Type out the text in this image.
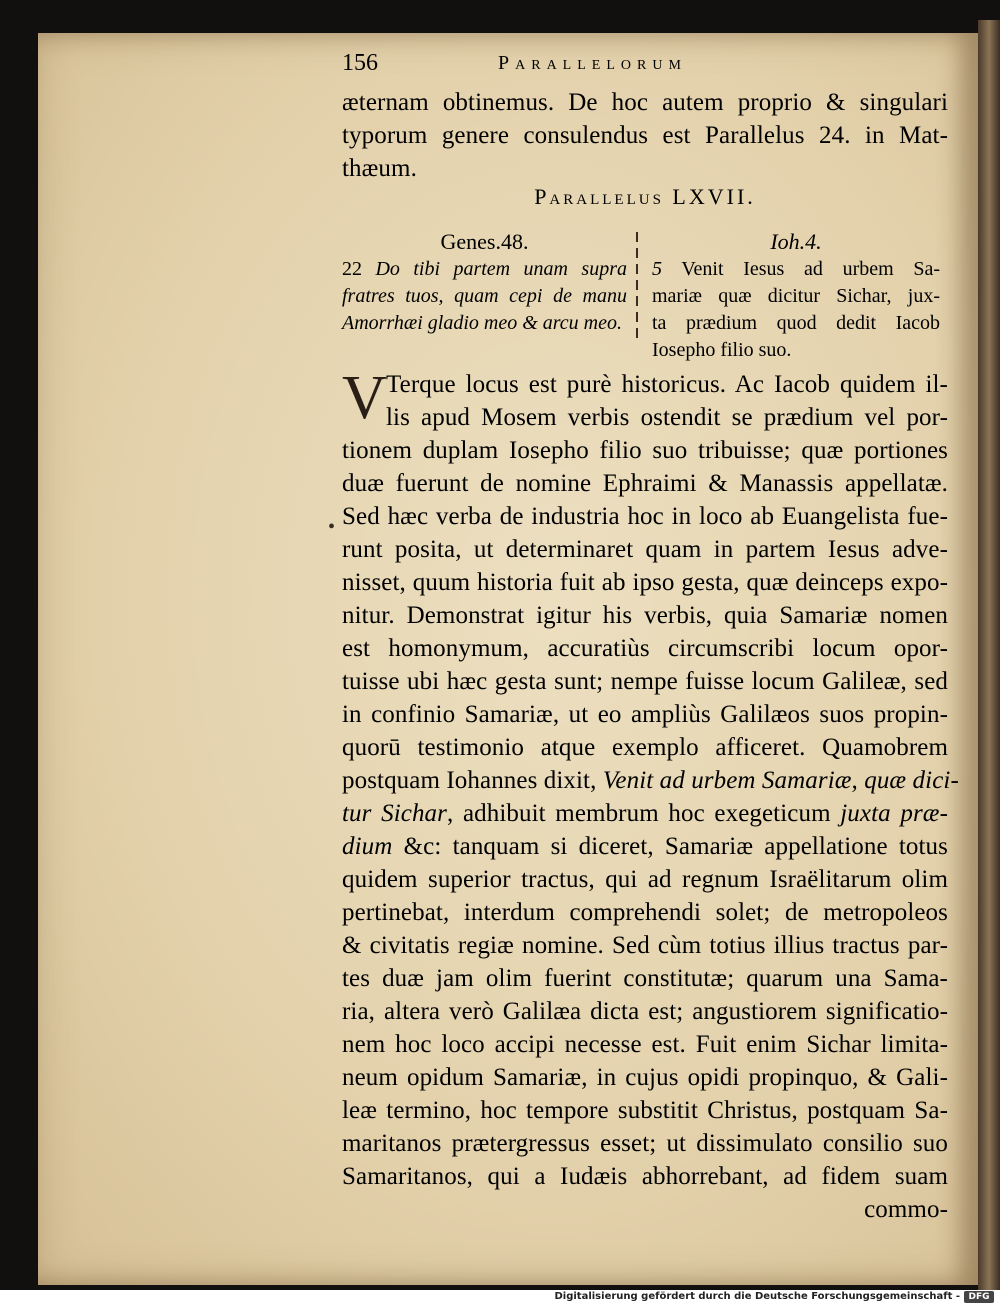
156	Parallelorum
æternam obtinemus. De hoc autem proprio & singulari
typorum genere consulendus est Parallelus 24. in Mat-
thæum.
Parallelus LXVII.
Genes.48.
22 Do tibi partem unam supra
fratres tuos, quam cepi de manu
Amorrhæi gladio meo & arcu meo.
Ioh.4.
5 Venit Iesus ad urbem Sa-
mariæ quæ dicitur Sichar, jux-
ta prædium quod dedit Iacob
Iosepho filio suo.
V
•
Terque locus est purè historicus. Ac Iacob quidem il-
lis apud Mosem verbis ostendit se prædium vel por-
tionem duplam Iosepho filio suo tribuisse; quæ portiones
duæ fuerunt de nomine Ephraimi & Manassis appellatæ.
Sed hæc verba de industria hoc in loco ab Euangelista fue-
runt posita, ut determinaret quam in partem Iesus adve-
nisset, quum historia fuit ab ipso gesta, quæ deinceps expo-
nitur. Demonstrat igitur his verbis, quia Samariæ nomen
est homonymum, accuratiùs circumscribi locum opor-
tuisse ubi hæc gesta sunt; nempe fuisse locum Galileæ, sed
in confinio Samariæ, ut eo ampliùs Galilæos suos propin-
quorū testimonio atque exemplo afficeret. Quamobrem
postquam Iohannes dixit, Venit ad urbem Samariæ, quæ dici-
tur Sichar, adhibuit membrum hoc exegeticum juxta præ-
dium &c: tanquam si diceret, Samariæ appellatione totus
quidem superior tractus, qui ad regnum Israëlitarum olim
pertinebat, interdum comprehendi solet; de metropoleos
& civitatis regiæ nomine. Sed cùm totius illius tractus par-
tes duæ jam olim fuerint constitutæ; quarum una Sama-
ria, altera verò Galilæa dicta est; angustiorem significatio-
nem hoc loco accipi necesse est. Fuit enim Sichar limita-
neum opidum Samariæ, in cujus opidi propinquo, & Gali-
leæ termino, hoc tempore substitit Christus, postquam Sa-
maritanos prætergressus esset; ut dissimulato consilio suo
Samaritanos, qui a Iudæis abhorrebant, ad fidem suam
commo-
Digitalisierung gefördert durch die Deutsche Forschungsgemeinschaft - DFG
